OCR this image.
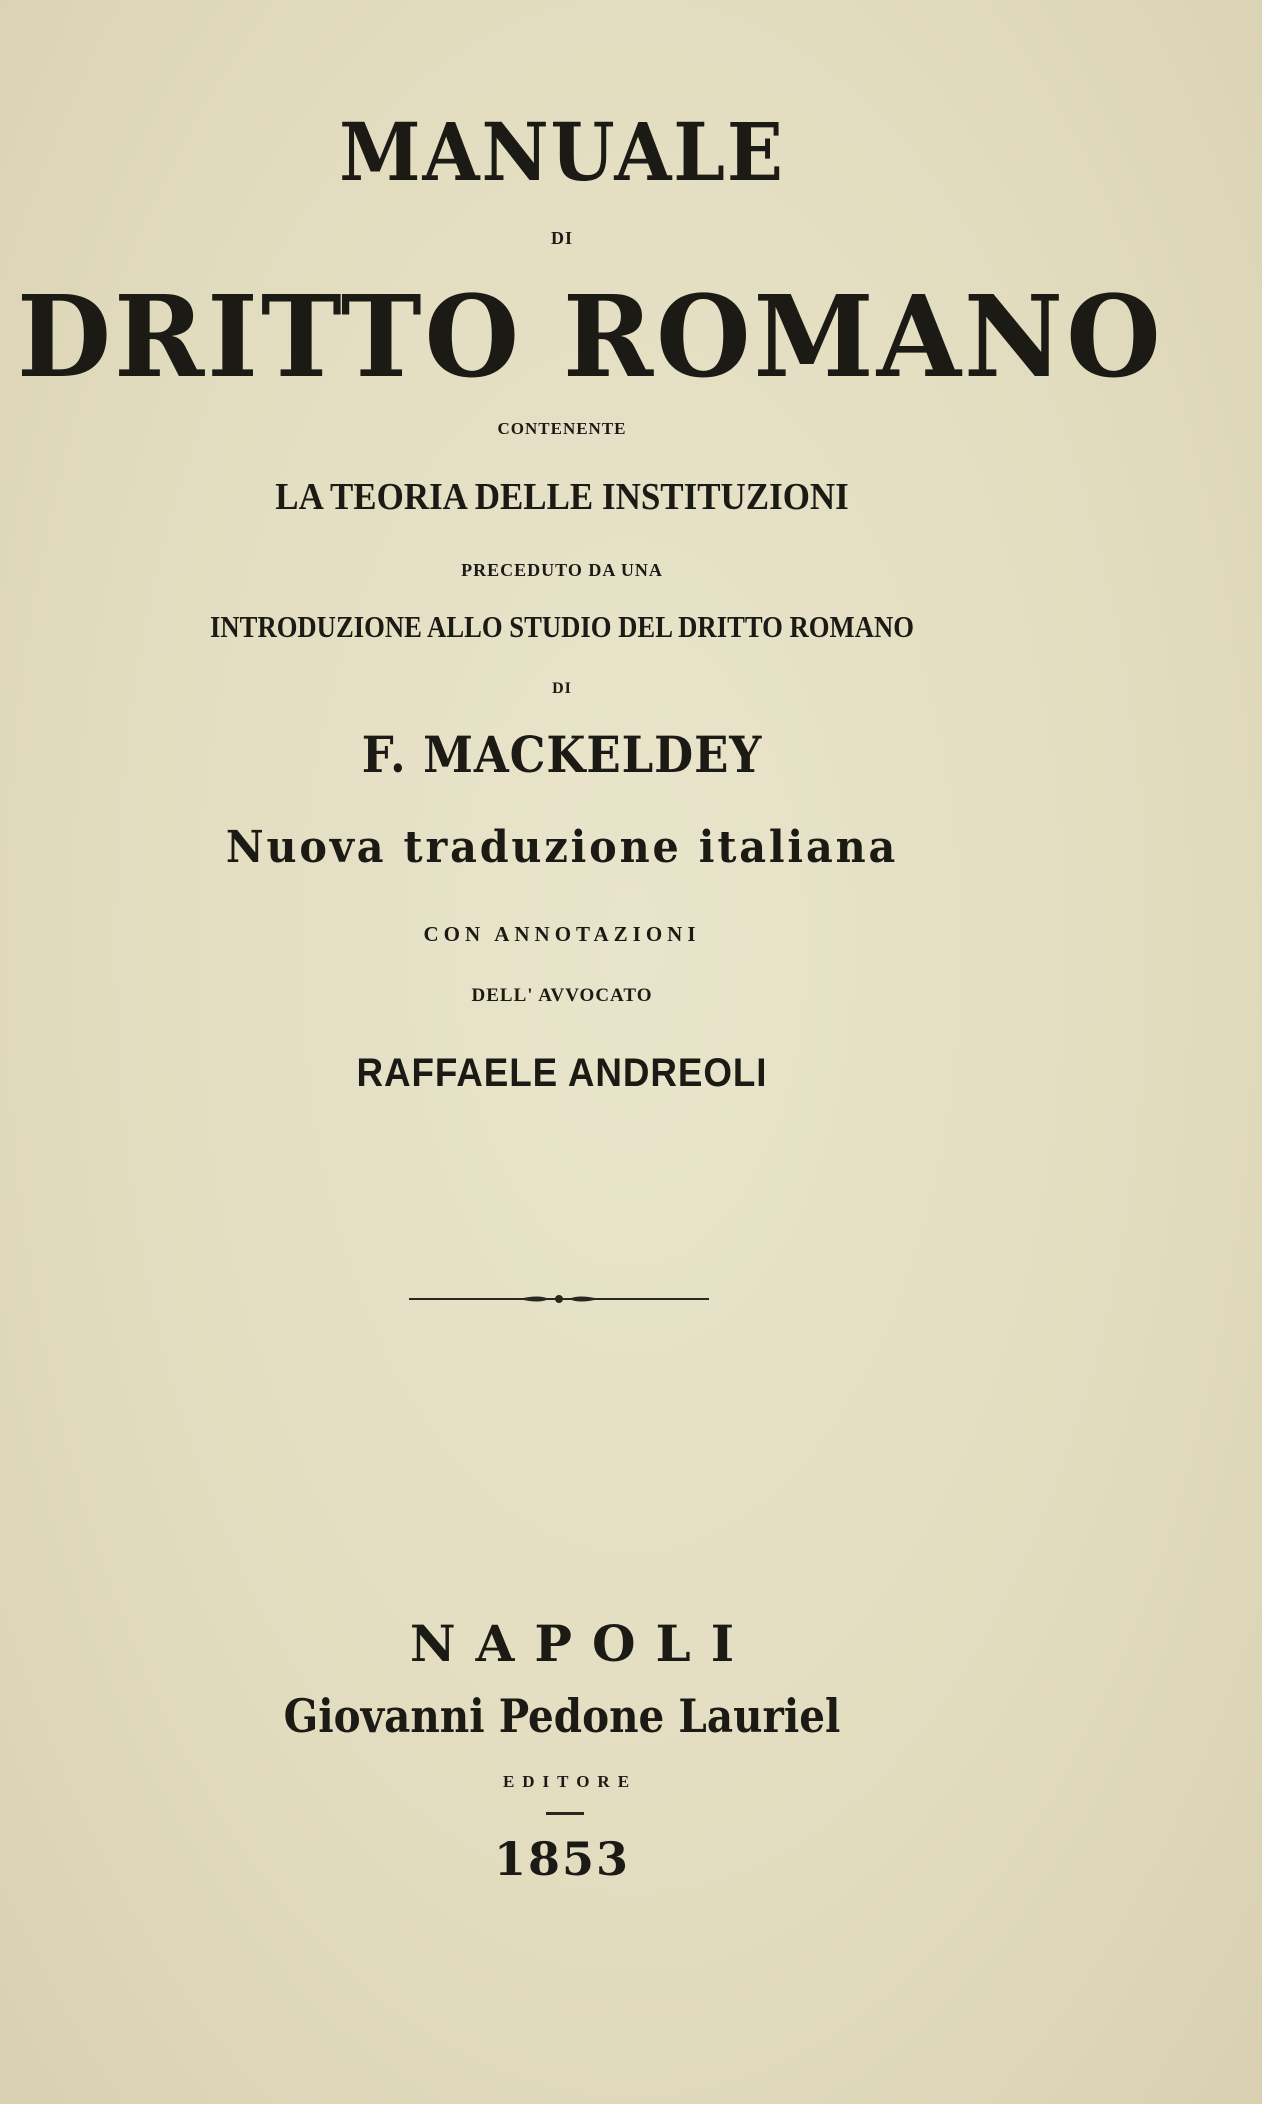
MANUALE
DI
DRITTO ROMANO
CONTENENTE
LA TEORIA DELLE INSTITUZIONI
PRECEDUTO DA UNA
INTRODUZIONE ALLO STUDIO DEL DRITTO ROMANO
DI
F. MACKELDEY
Nuova traduzione italiana
CON ANNOTAZIONI
DELL' AVVOCATO
RAFFAELE ANDREOLI
NAPOLI
Giovanni Pedone Lauriel
EDITORE
1853
